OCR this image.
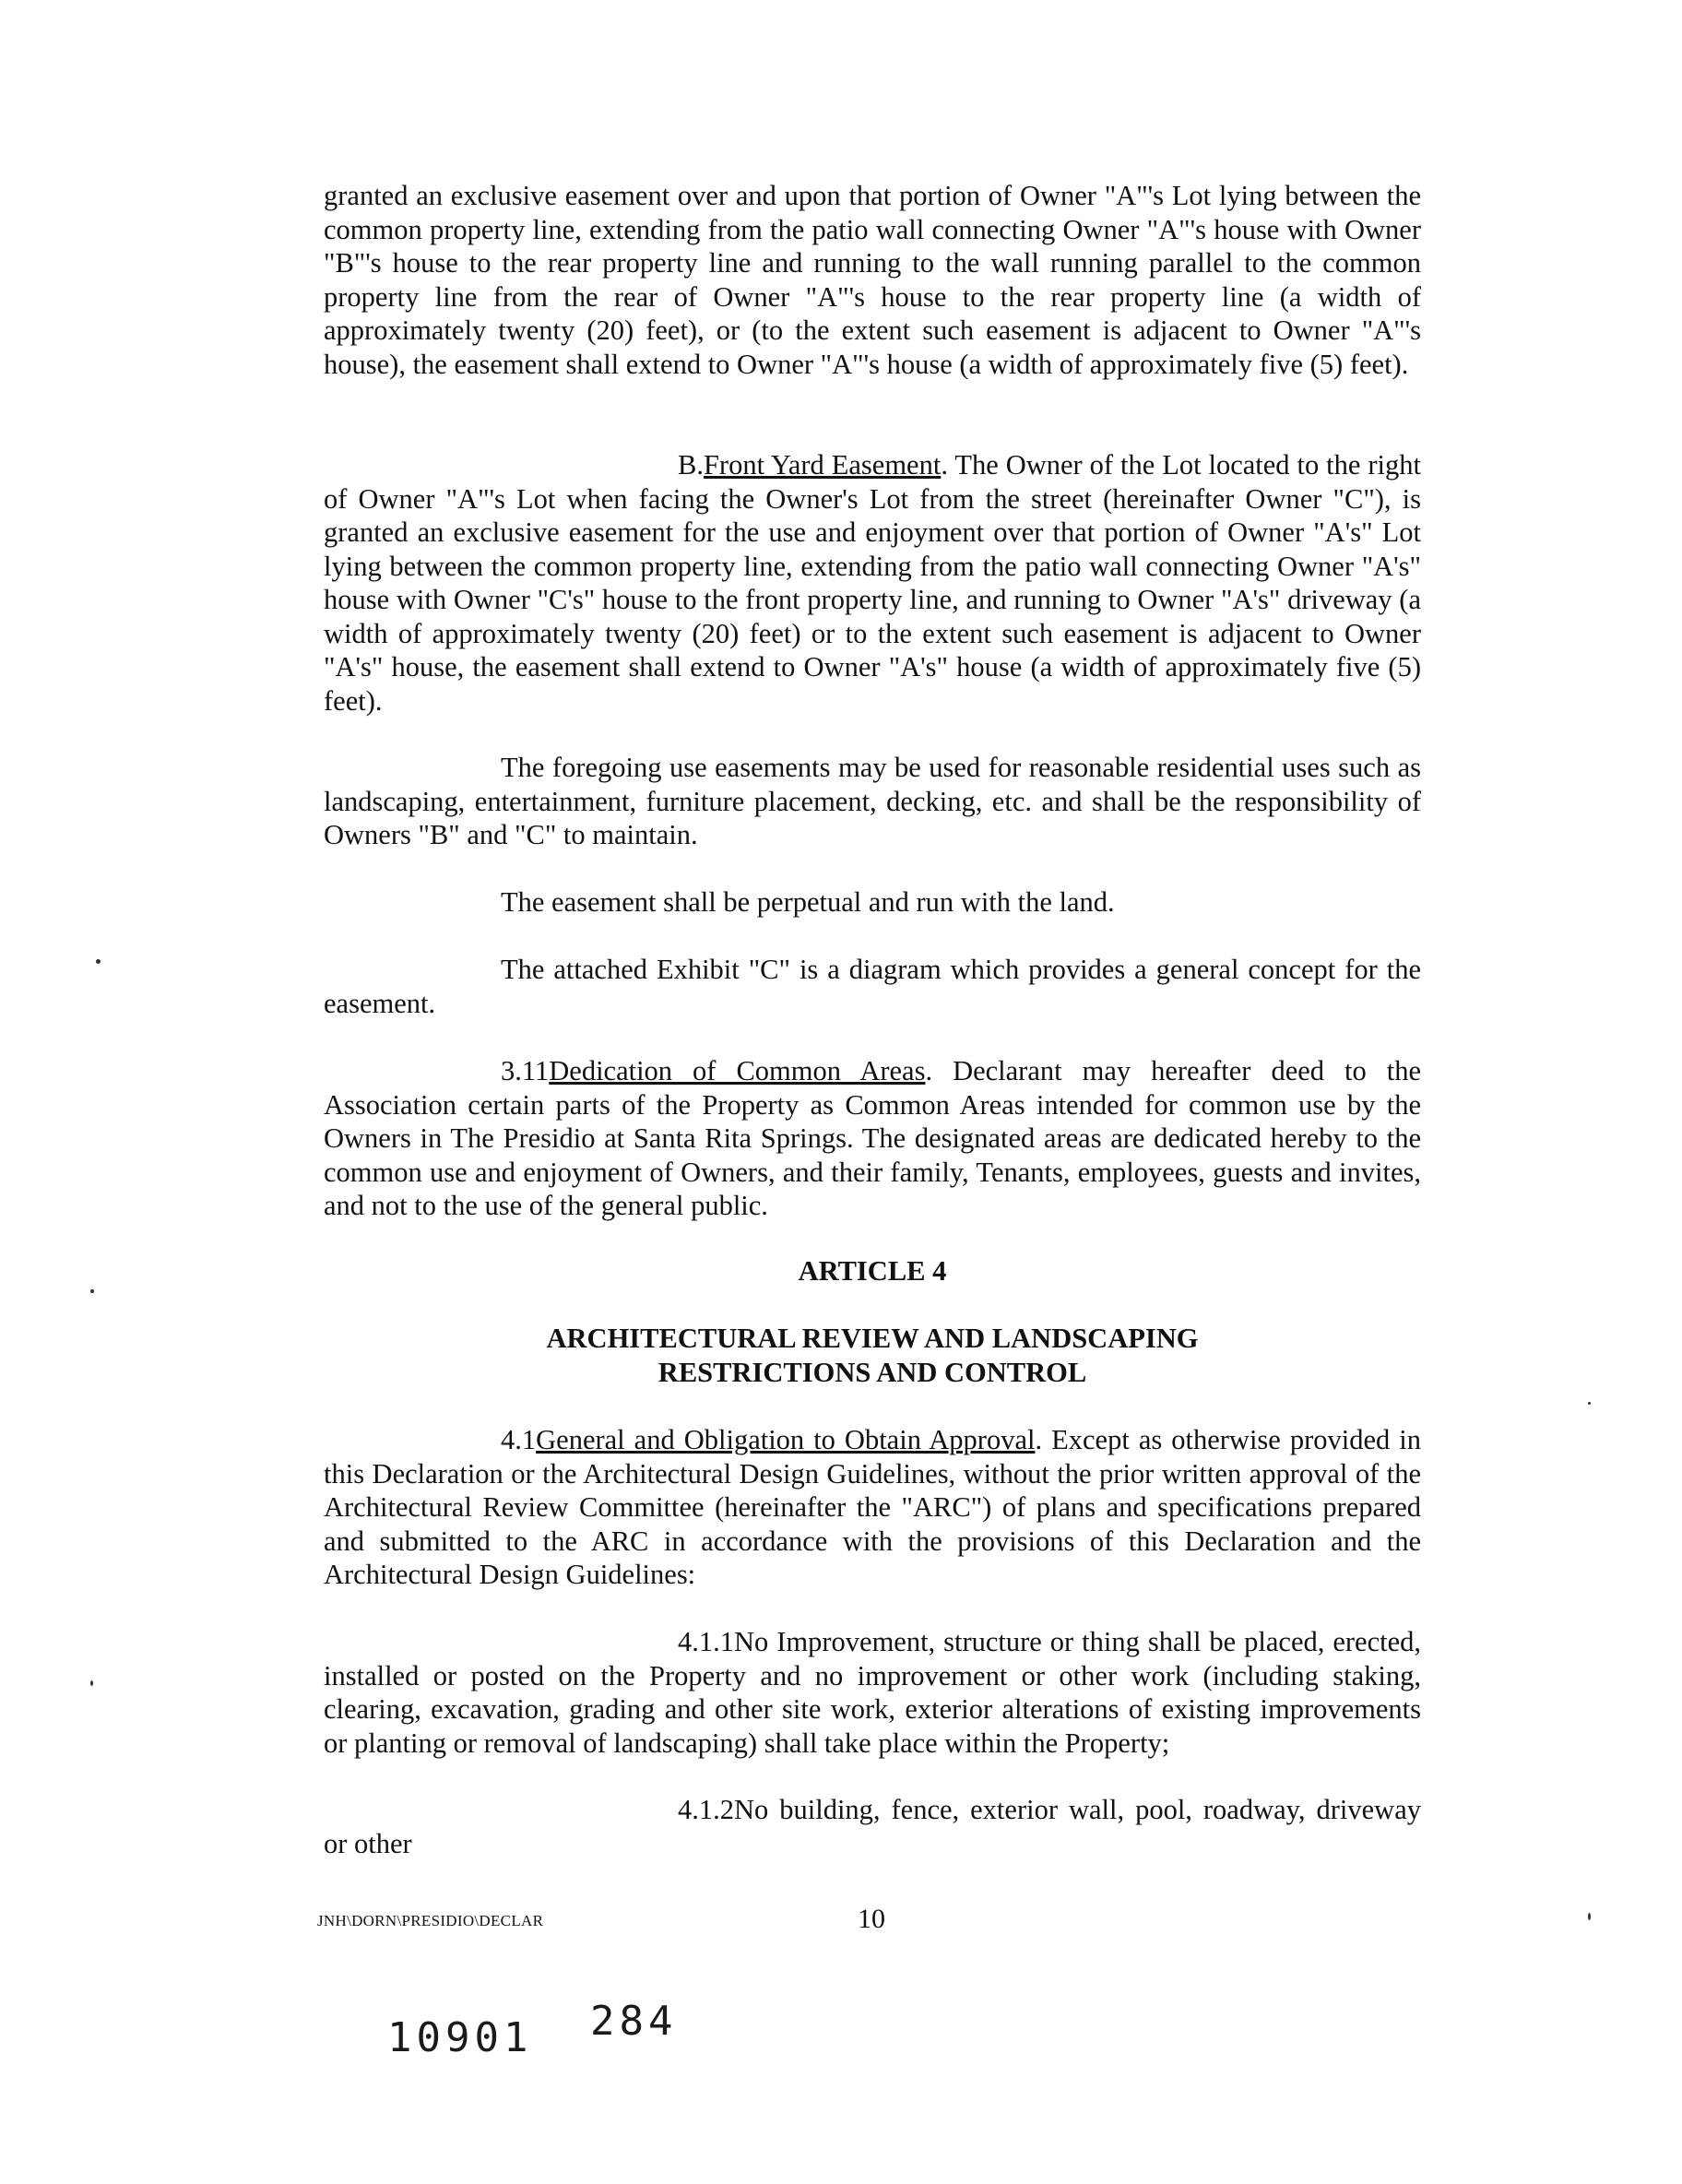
granted an exclusive easement over and upon that portion of Owner "A"'s Lot lying between the common property line, extending from the patio wall connecting Owner "A"'s house with Owner "B"'s house to the rear property line and running to the wall running parallel to the common property line from the rear of Owner "A"'s house to the rear property line (a width of approximately twenty (20) feet), or (to the extent such easement is adjacent to Owner "A"'s house), the easement shall extend to Owner "A"'s house (a width of approximately five (5) feet).

B.Front Yard Easement. The Owner of the Lot located to the right of Owner "A"'s Lot when facing the Owner's Lot from the street (hereinafter Owner "C"), is granted an exclusive easement for the use and enjoyment over that portion of Owner "A's" Lot lying between the common property line, extending from the patio wall connecting Owner "A's" house with Owner "C's" house to the front property line, and running to Owner "A's" driveway (a width of approximately twenty (20) feet) or to the extent such easement is adjacent to Owner "A's" house, the easement shall extend to Owner "A's" house (a width of approximately five (5) feet).

The foregoing use easements may be used for reasonable residential uses such as landscaping, entertainment, furniture placement, decking, etc. and shall be the responsibility of Owners "B" and "C" to maintain.

The easement shall be perpetual and run with the land.

The attached Exhibit "C" is a diagram which provides a general concept for the easement.

3.11Dedication of Common Areas. Declarant may hereafter deed to the Association certain parts of the Property as Common Areas intended for common use by the Owners in The Presidio at Santa Rita Springs. The designated areas are dedicated hereby to the common use and enjoyment of Owners, and their family, Tenants, employees, guests and invites, and not to the use of the general public.

ARTICLE 4

ARCHITECTURAL REVIEW AND LANDSCAPING

RESTRICTIONS AND CONTROL

4.1General and Obligation to Obtain Approval. Except as otherwise provided in this Declaration or the Architectural Design Guidelines, without the prior written approval of the Architectural Review Committee (hereinafter the "ARC") of plans and specifications prepared and submitted to the ARC in accordance with the provisions of this Declaration and the Architectural Design Guidelines:

4.1.1No Improvement, structure or thing shall be placed, erected, installed or posted on the Property and no improvement or other work (including staking, clearing, excavation, grading and other site work, exterior alterations of existing improvements or planting or removal of landscaping) shall take place within the Property;

4.1.2No building, fence, exterior wall, pool, roadway, driveway or other

JNH\DORN\PRESIDIO\DECLAR	10
10901 284
